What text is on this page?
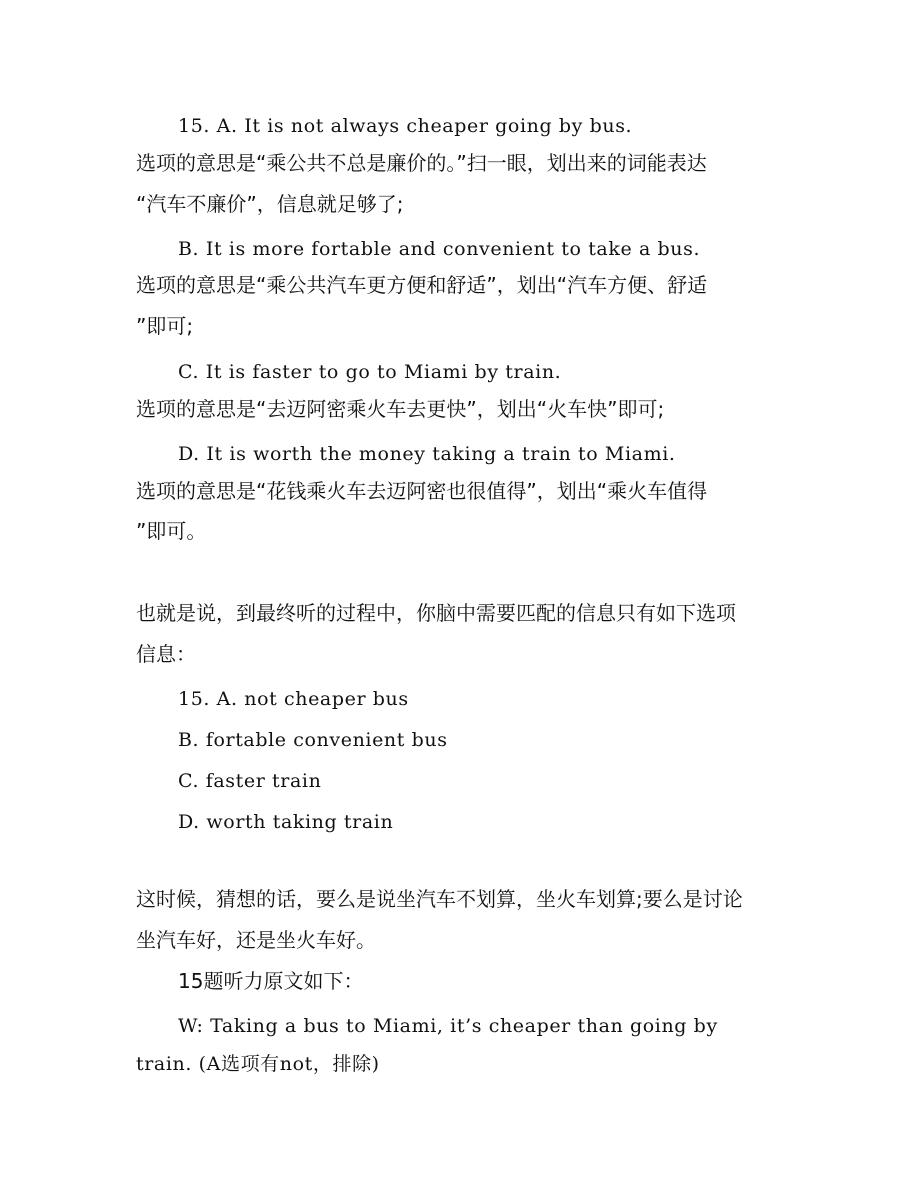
15. A. It is not always cheaper going by bus.
选项的意思是“乘公共不总是廉价的。”扫一眼，划出来的词能表达
“汽车不廉价”，信息就足够了;
B. It is more fortable and convenient to take a bus.
选项的意思是“乘公共汽车更方便和舒适”，划出“汽车方便、舒适
”即可;
C. It is faster to go to Miami by train.
选项的意思是“去迈阿密乘火车去更快”，划出“火车快”即可;
D. It is worth the money taking a train to Miami.
选项的意思是“花钱乘火车去迈阿密也很值得”，划出“乘火车值得
”即可。
也就是说，到最终听的过程中，你脑中需要匹配的信息只有如下选项
信息：
15. A. not cheaper bus
B. fortable convenient bus
C. faster train
D. worth taking train
这时候，猜想的话，要么是说坐汽车不划算，坐火车划算;要么是讨论
坐汽车好，还是坐火车好。
15题听力原文如下：
W: Taking a bus to Miami, it’s cheaper than going by
train. (A选项有not，排除)
